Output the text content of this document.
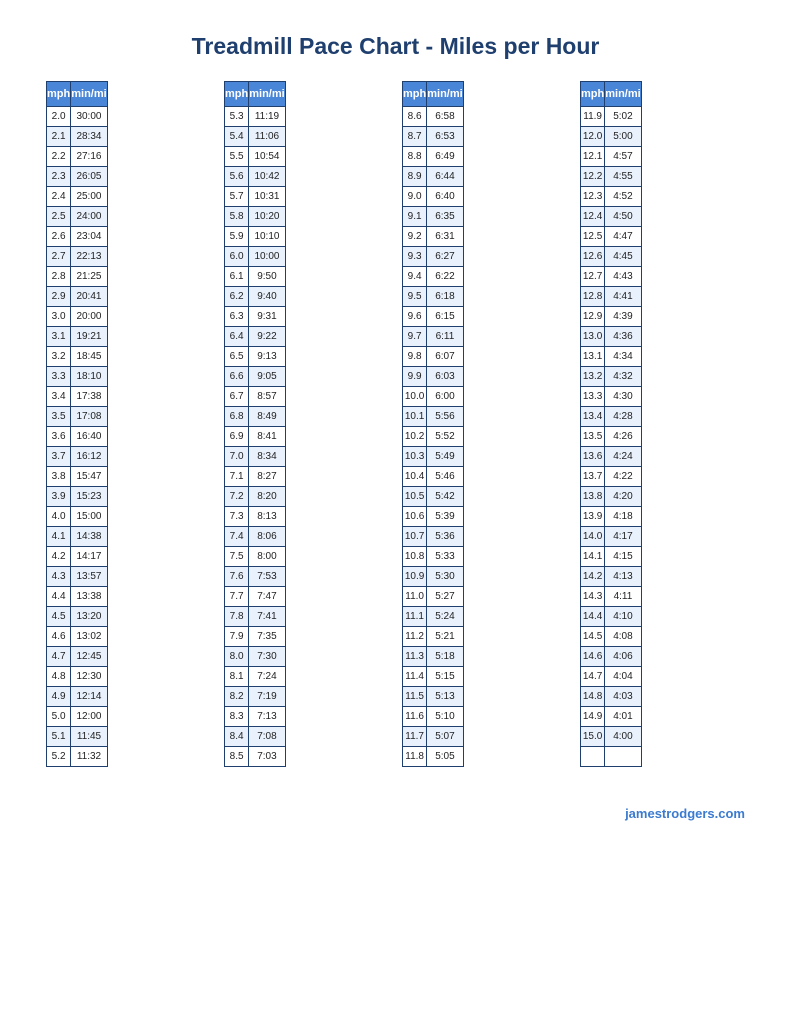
Treadmill Pace Chart - Miles per Hour
mph	min/mi
2.0	30:00
2.1	28:34
2.2	27:16
2.3	26:05
2.4	25:00
2.5	24:00
2.6	23:04
2.7	22:13
2.8	21:25
2.9	20:41
3.0	20:00
3.1	19:21
3.2	18:45
3.3	18:10
3.4	17:38
3.5	17:08
3.6	16:40
3.7	16:12
3.8	15:47
3.9	15:23
4.0	15:00
4.1	14:38
4.2	14:17
4.3	13:57
4.4	13:38
4.5	13:20
4.6	13:02
4.7	12:45
4.8	12:30
4.9	12:14
5.0	12:00
5.1	11:45
5.2	11:32
mph	min/mi
5.3	11:19
5.4	11:06
5.5	10:54
5.6	10:42
5.7	10:31
5.8	10:20
5.9	10:10
6.0	10:00
6.1	9:50
6.2	9:40
6.3	9:31
6.4	9:22
6.5	9:13
6.6	9:05
6.7	8:57
6.8	8:49
6.9	8:41
7.0	8:34
7.1	8:27
7.2	8:20
7.3	8:13
7.4	8:06
7.5	8:00
7.6	7:53
7.7	7:47
7.8	7:41
7.9	7:35
8.0	7:30
8.1	7:24
8.2	7:19
8.3	7:13
8.4	7:08
8.5	7:03
mph	min/mi
8.6	6:58
8.7	6:53
8.8	6:49
8.9	6:44
9.0	6:40
9.1	6:35
9.2	6:31
9.3	6:27
9.4	6:22
9.5	6:18
9.6	6:15
9.7	6:11
9.8	6:07
9.9	6:03
10.0	6:00
10.1	5:56
10.2	5:52
10.3	5:49
10.4	5:46
10.5	5:42
10.6	5:39
10.7	5:36
10.8	5:33
10.9	5:30
11.0	5:27
11.1	5:24
11.2	5:21
11.3	5:18
11.4	5:15
11.5	5:13
11.6	5:10
11.7	5:07
11.8	5:05
mph	min/mi
11.9	5:02
12.0	5:00
12.1	4:57
12.2	4:55
12.3	4:52
12.4	4:50
12.5	4:47
12.6	4:45
12.7	4:43
12.8	4:41
12.9	4:39
13.0	4:36
13.1	4:34
13.2	4:32
13.3	4:30
13.4	4:28
13.5	4:26
13.6	4:24
13.7	4:22
13.8	4:20
13.9	4:18
14.0	4:17
14.1	4:15
14.2	4:13
14.3	4:11
14.4	4:10
14.5	4:08
14.6	4:06
14.7	4:04
14.8	4:03
14.9	4:01
15.0	4:00

jamestrodgers.com
